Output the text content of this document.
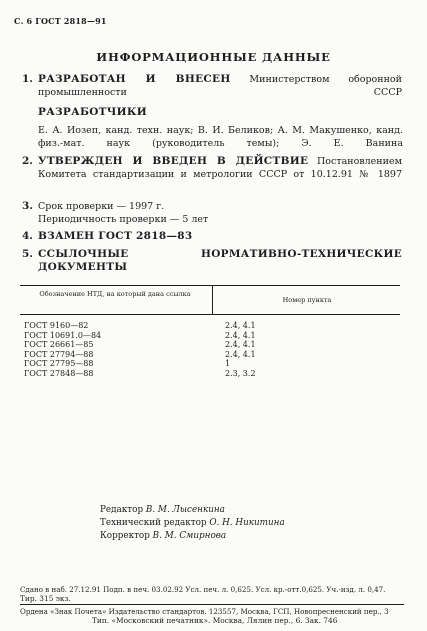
С. 6 ГОСТ 2818—91
ИНФОРМАЦИОННЫЕ ДАННЫЕ
1. РАЗРАБОТАН И ВНЕСЕН Министерством оборонной промышленности СССР
РАЗРАБОТЧИКИ
Е. А. Иозеп, канд. техн. наук; В. И. Беликов; А. М. Макушенко, канд. физ.-мат. наук (руководитель темы); Э. Е. Ванина
2. УТВЕРЖДЕН И ВВЕДЕН В ДЕЙСТВИЕ Постановлением Комитета стандартизации и метрологии СССР от 10.12.91 № 1897
3. Срок проверки — 1997 г.
Периодичность проверки — 5 лет
4. ВЗАМЕН ГОСТ 2818—83
5. ССЫЛОЧНЫЕ НОРМАТИВНО-ТЕХНИЧЕСКИЕ ДОКУМЕНТЫ
Обозначение НТД, на который дана ссылка
Номер пункта
ГОСТ 9160—82
ГОСТ 10691.0—84
ГОСТ 26661—85
ГОСТ 27794—88
ГОСТ 27795—88
ГОСТ 27848—88
2.4, 4.1
2.4, 4.1
2.4, 4.1
2.4, 4.1
1
2.3, 3.2
Редактор В. М. Лысенкина
Технический редактор О. Н. Никитина
Корректор В. М. Смирнова
Сдано в наб. 27.12.91 Подп. в печ. 03.02.92 Усл. печ. л. 0,625. Усл. кр.-отт.0,625. Уч.-изд. л. 0,47.
Тир. 315 экз.
Ордена «Знак Почета» Издательство стандартов. 123557, Москва, ГСП, Новопресненский пер., 3
Тип. «Московский печатник». Москва, Лялин пер., 6. Зак. 746
